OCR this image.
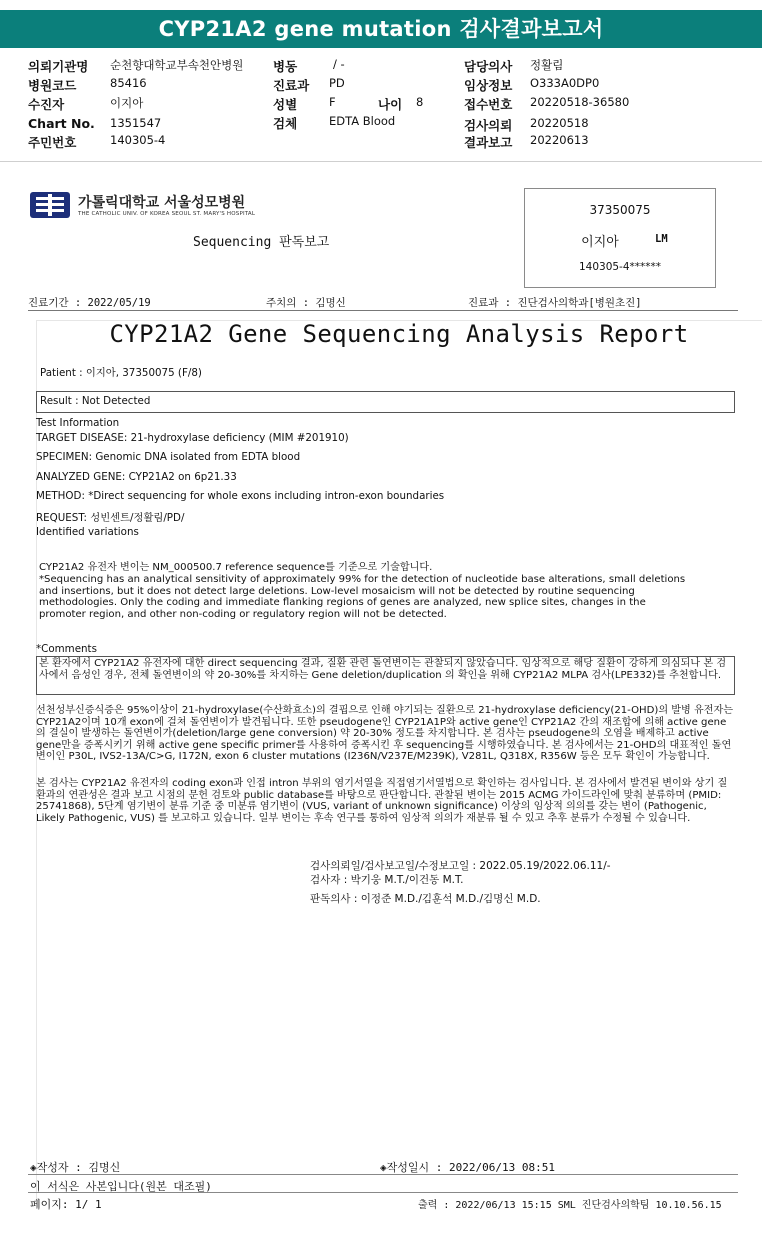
CYP21A2 gene mutation 검사결과보고서
의뢰기관명 순천향대학교부속천안병원
병원코드	85416
수진자	이지아
Chart No. 1351547
주민번호	140305-4
병동	/ -
진료과 PD
성별	F	나이 8
검체	EDTA Blood
담당의사 정활림
임상정보 O333A0DP0
접수번호 20220518-36580
검사의뢰 20220518
결과보고 20220613
가톨릭대학교 서울성모병원
THE CATHOLIC UNIV. OF KOREA SEOUL ST. MARY'S HOSPITAL
Sequencing 판독보고
37350075
이지아	LM
140305-4******
진료기간 : 2022/05/19	주치의 : 김명신	진료과 : 진단검사의학과[병원초진]
CYP21A2 Gene Sequencing Analysis Report
Patient : 이지아, 37350075 (F/8)
Result : Not Detected
Test Information
TARGET DISEASE: 21-hydroxylase deficiency (MIM #201910)
SPECIMEN: Genomic DNA isolated from EDTA blood
ANALYZED GENE: CYP21A2 on 6p21.33
METHOD: *Direct sequencing for whole exons including intron-exon boundaries
REQUEST: 성빈센트/정활림/PD/
Identified variations
CYP21A2 유전자 변이는 NM_000500.7 reference sequence를 기준으로 기술합니다.
*Sequencing has an analytical sensitivity of approximately 99% for the detection of nucleotide base alterations, small deletions and insertions, but it does not detect large deletions. Low-level mosaicism will not be detected by routine sequencing methodologies. Only the coding and immediate flanking regions of genes are analyzed, new splice sites, changes in the promoter region, and other non-coding or regulatory region will not be detected.
*Comments
본 환자에서 CYP21A2 유전자에 대한 direct sequencing 결과, 질환 관련 돌연변이는 관찰되지 않았습니다. 임상적으로 해당 질환이 강하게 의심되나 본 검사에서 음성인 경우, 전체 돌연변이의 약 20-30%를 차지하는 Gene deletion/duplication 의 확인을 위해 CYP21A2 MLPA 검사(LPE332)를 추천합니다.
선천성부신증식증은 95%이상이 21-hydroxylase(수산화효소)의 결핍으로 인해 야기되는 질환으로 21-hydroxylase deficiency(21-OHD)의 발병 유전자는 CYP21A2이며 10개 exon에 걸쳐 돌연변이가 발견됩니다. 또한 pseudogene인 CYP21A1P와 active gene인 CYP21A2 간의 재조합에 의해 active gene의 결실이 발생하는 돌연변이가(deletion/large gene conversion) 약 20-30% 정도를 차지합니다. 본 검사는 pseudogene의 오염을 배제하고 active gene만을 증폭시키기 위해 active gene specific primer를 사용하여 증폭시킨 후 sequencing를 시행하였습니다. 본 검사에서는 21-OHD의 대표적인 돌연변이인 P30L, IVS2-13A/C>G, I172N, exon 6 cluster mutations (I236N/V237E/M239K), V281L, Q318X, R356W 등은 모두 확인이 가능합니다.
본 검사는 CYP21A2 유전자의 coding exon과 인접 intron 부위의 염기서열을 직접염기서열법으로 확인하는 검사입니다. 본 검사에서 발견된 변이와 상기 질환과의 연관성은 결과 보고 시점의 문헌 검토와 public database를 바탕으로 판단합니다. 관찰된 변이는 2015 ACMG 가이드라인에 맞춰 분류하며 (PMID: 25741868), 5단계 염기변이 분류 기준 중 미분류 염기변이 (VUS, variant of unknown significance) 이상의 임상적 의의를 갖는 변이 (Pathogenic, Likely Pathogenic, VUS) 를 보고하고 있습니다. 일부 변이는 후속 연구를 통하여 임상적 의의가 재분류 될 수 있고 추후 분류가 수정될 수 있습니다.
검사의뢰일/검사보고일/수정보고일 : 2022.05.19/2022.06.11/-
검사자 : 박기웅 M.T./이건동 M.T.
판독의사 : 이정준 M.D./김훈석 M.D./김명신 M.D.
◈작성자 : 김명신	◈작성일시 : 2022/06/13 08:51
이 서식은 사본입니다(원본 대조필)
페이지: 1/ 1	출력 : 2022/06/13 15:15 SML 진단검사의학팀 10.10.56.15
